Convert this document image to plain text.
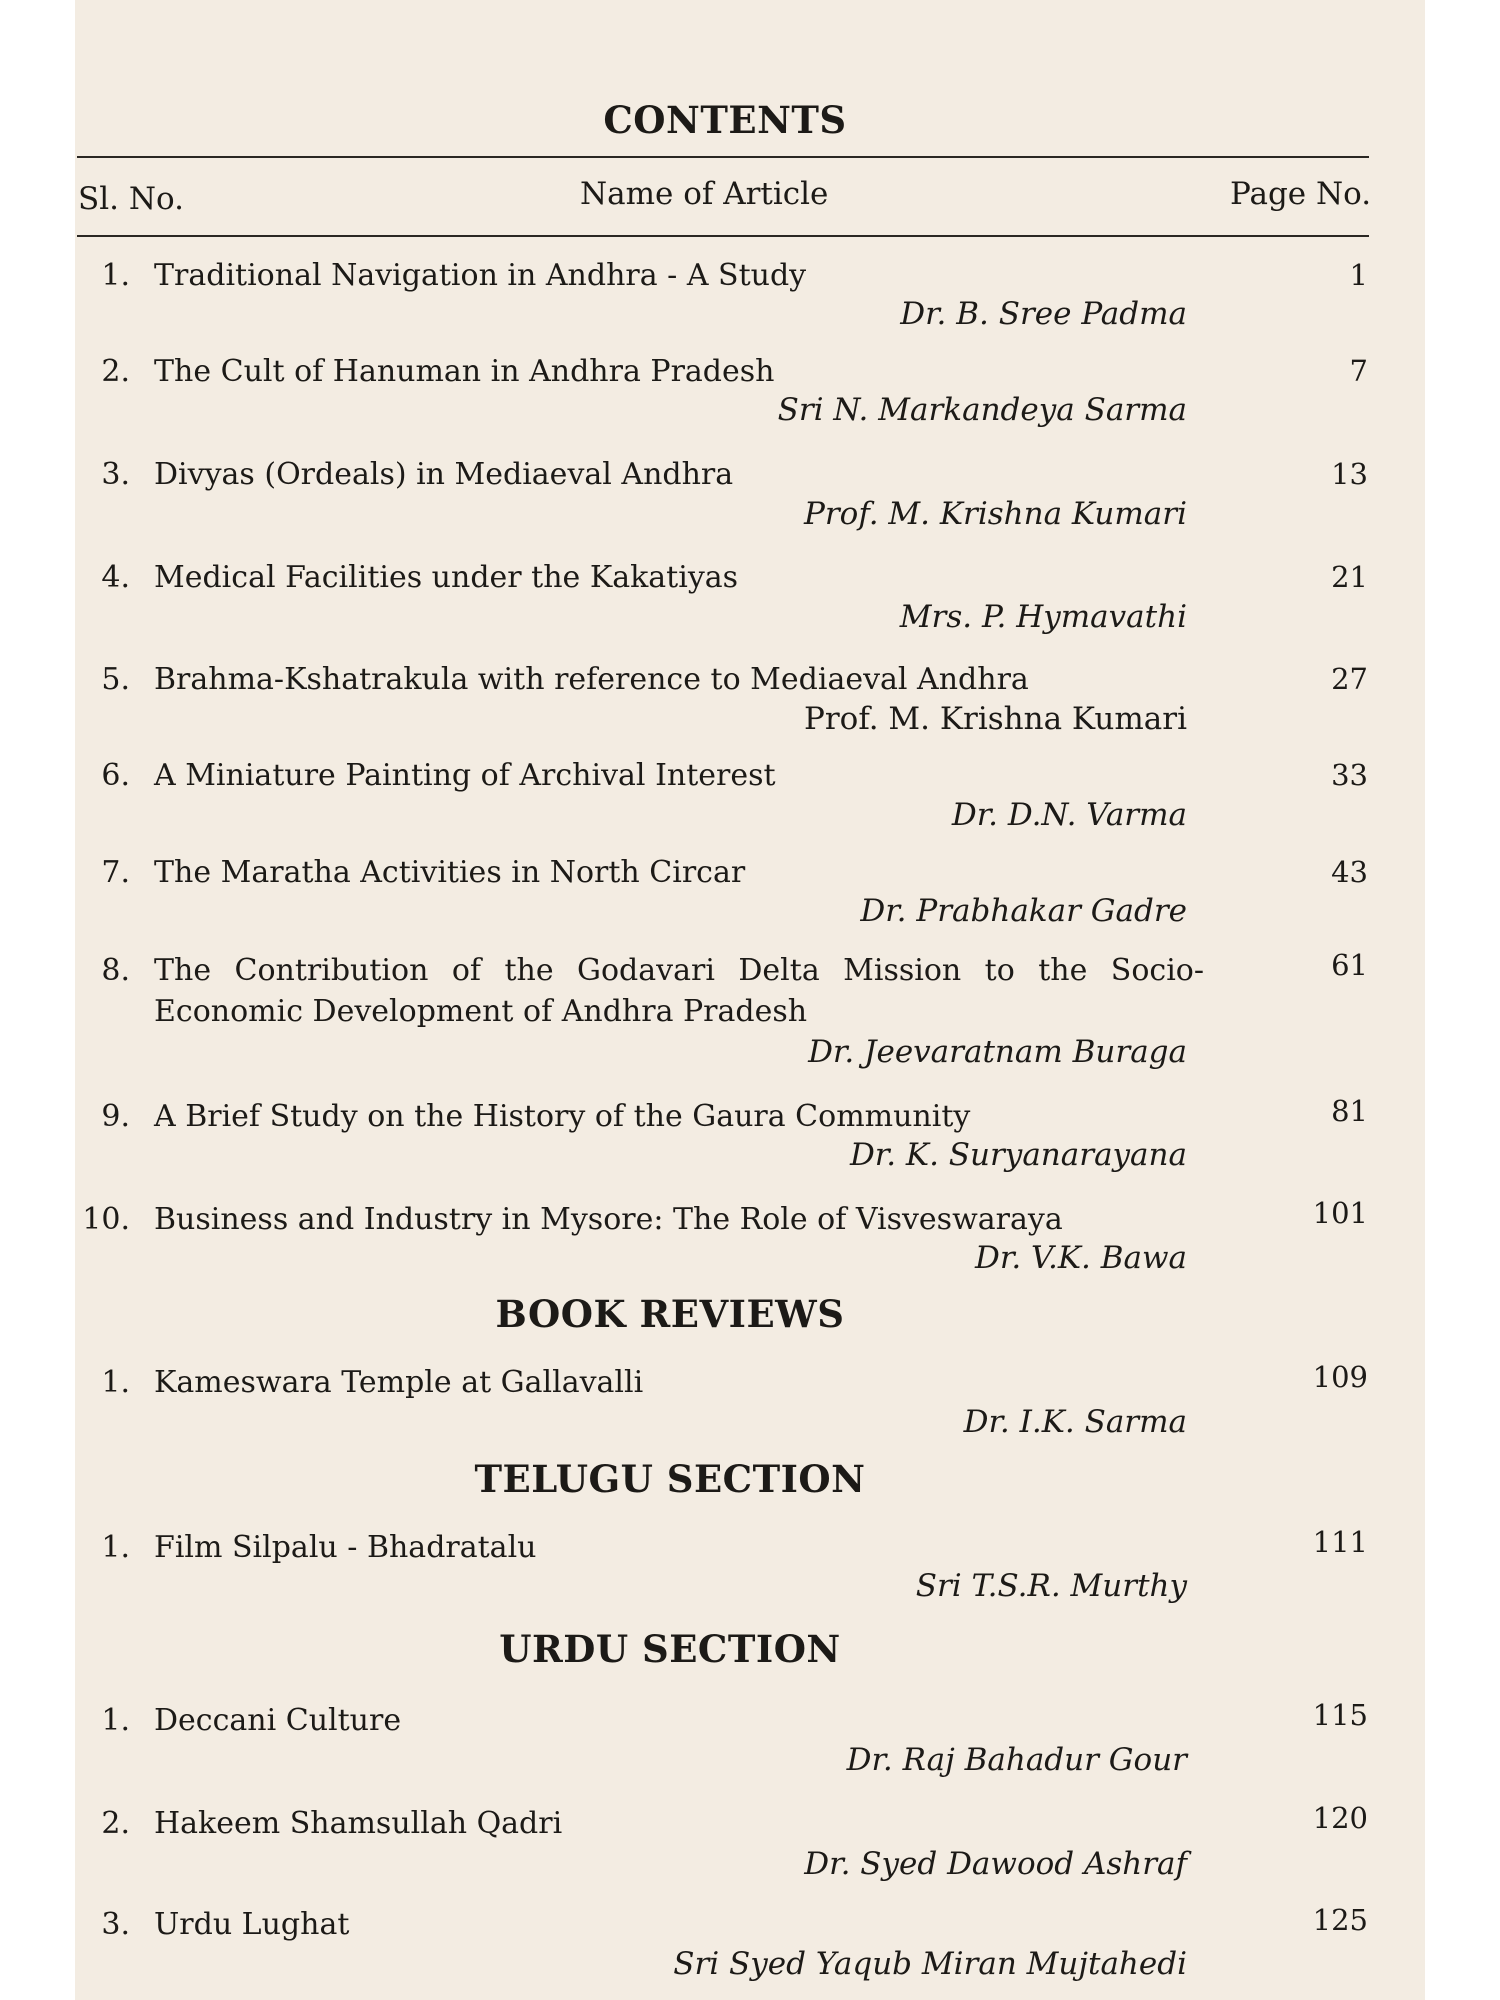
CONTENTS
Sl. No.	Name of Article	Page No.
1. Traditional Navigation in Andhra - A Study
Dr. B. Sree Padma
1
2. The Cult of Hanuman in Andhra Pradesh
Sri N. Markandeya Sarma
7
3. Divyas (Ordeals) in Mediaeval Andhra
Prof. M. Krishna Kumari
13
4. Medical Facilities under the Kakatiyas
Mrs. P. Hymavathi
21
5. Brahma-Kshatrakula with reference to Mediaeval Andhra
Prof. M. Krishna Kumari
27
6. A Miniature Painting of Archival Interest
Dr. D.N. Varma
33
7. The Maratha Activities in North Circar
Dr. Prabhakar Gadre
43
8. The Contribution of the Godavari Delta Mission to the Socio-
Economic Development of Andhra Pradesh
Dr. Jeevaratnam Buraga
61
9. A Brief Study on the History of the Gaura Community
Dr. K. Suryanarayana
81
10. Business and Industry in Mysore: The Role of Visveswaraya
Dr. V.K. Bawa
101
BOOK REVIEWS
1. Kameswara Temple at Gallavalli
Dr. I.K. Sarma
109
TELUGU SECTION
1. Film Silpalu - Bhadratalu
Sri T.S.R. Murthy
111
URDU SECTION
1. Deccani Culture
Dr. Raj Bahadur Gour
115
2. Hakeem Shamsullah Qadri
Dr. Syed Dawood Ashraf
120
3. Urdu Lughat
Sri Syed Yaqub Miran Mujtahedi
125
